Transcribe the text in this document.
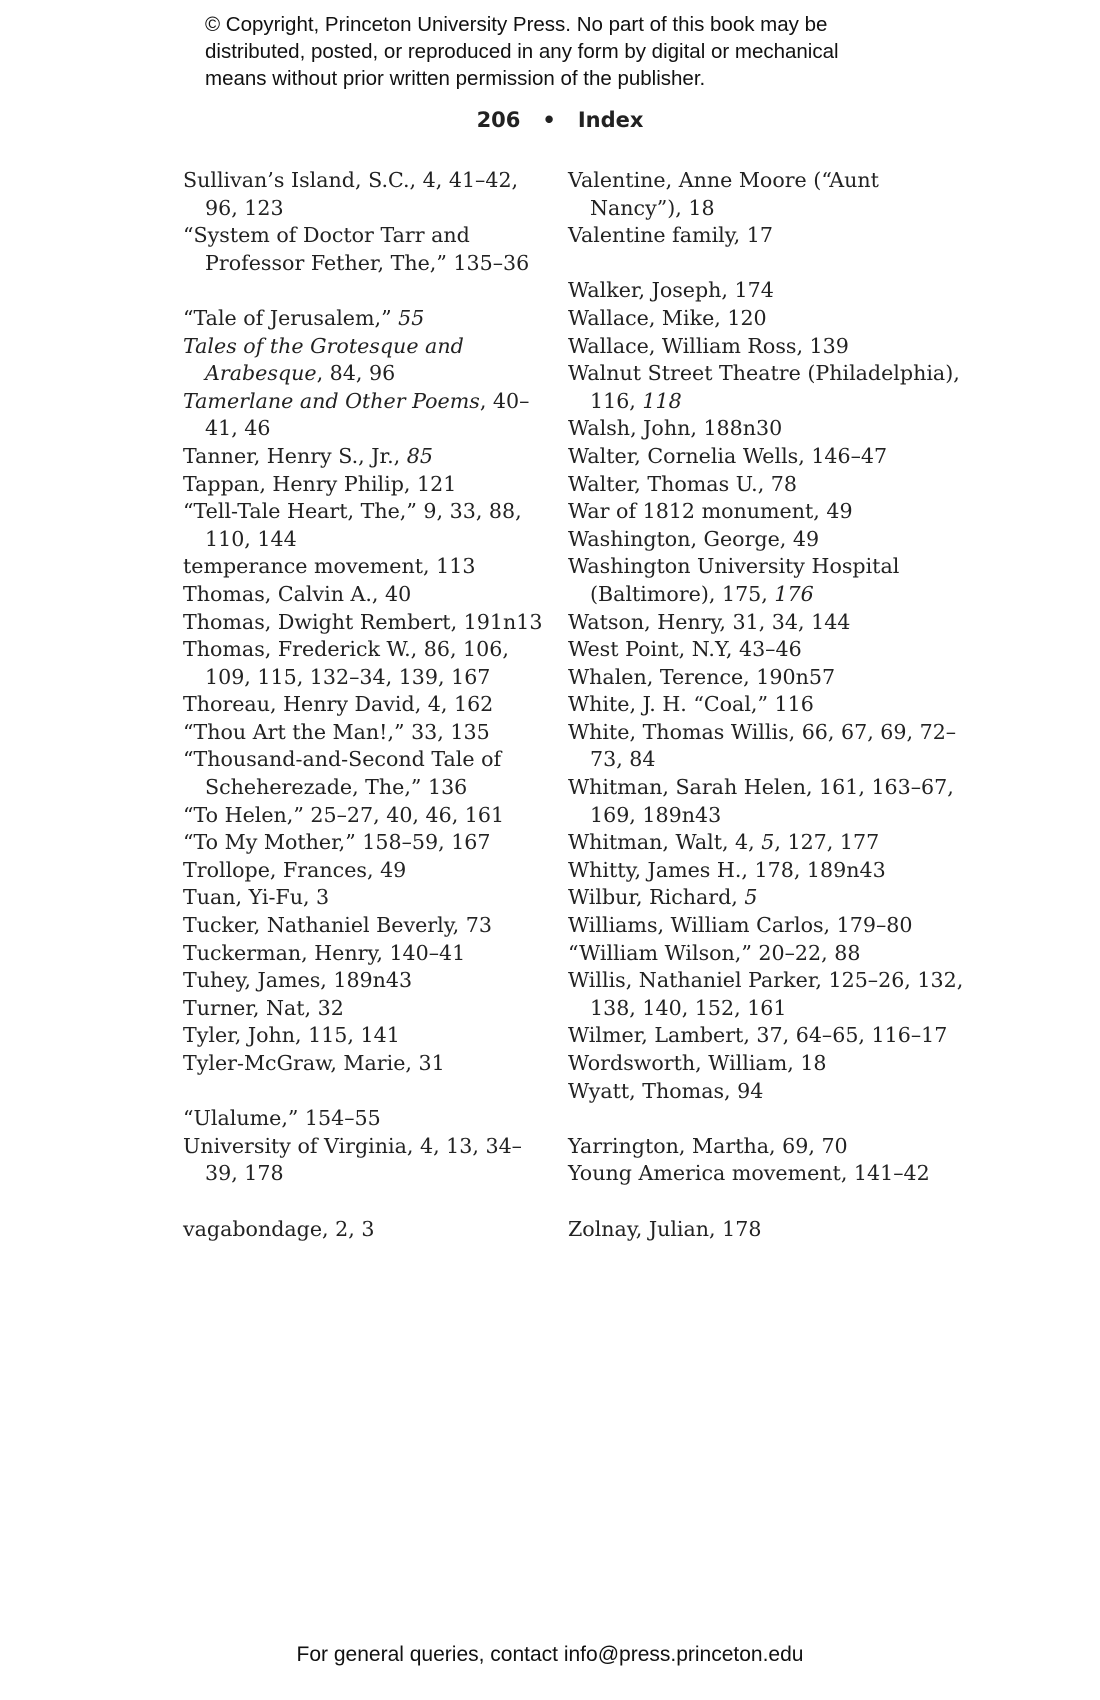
© Copyright, Princeton University Press. No part of this book may be
distributed, posted, or reproduced in any form by digital or mechanical
means without prior written permission of the publisher.
206 • Index
Sullivan’s Island, S.C., 4, 41–42, 96, 123
“System of Doctor Tarr and Professor Fether, The,” 135–36
“Tale of Jerusalem,” 55
Tales of the Grotesque and Arabesque, 84, 96
Tamerlane and Other Poems, 40–41, 46
Tanner, Henry S., Jr., 85
Tappan, Henry Philip, 121
“Tell-Tale Heart, The,” 9, 33, 88, 110, 144
temperance movement, 113
Thomas, Calvin A., 40
Thomas, Dwight Rembert, 191n13
Thomas, Frederick W., 86, 106, 109, 115, 132–34, 139, 167
Thoreau, Henry David, 4, 162
“Thou Art the Man!,” 33, 135
“Thousand-and-Second Tale of Scheherezade, The,” 136
“To Helen,” 25–27, 40, 46, 161
“To My Mother,” 158–59, 167
Trollope, Frances, 49
Tuan, Yi-Fu, 3
Tucker, Nathaniel Beverly, 73
Tuckerman, Henry, 140–41
Tuhey, James, 189n43
Turner, Nat, 32
Tyler, John, 115, 141
Tyler-McGraw, Marie, 31
“Ulalume,” 154–55
University of Virginia, 4, 13, 34–39, 178
vagabondage, 2, 3
Valentine, Anne Moore (“Aunt Nancy”), 18
Valentine family, 17
Walker, Joseph, 174
Wallace, Mike, 120
Wallace, William Ross, 139
Walnut Street Theatre (Philadelphia), 116, 118
Walsh, John, 188n30
Walter, Cornelia Wells, 146–47
Walter, Thomas U., 78
War of 1812 monument, 49
Washington, George, 49
Washington University Hospital (Baltimore), 175, 176
Watson, Henry, 31, 34, 144
West Point, N.Y, 43–46
Whalen, Terence, 190n57
White, J. H. “Coal,” 116
White, Thomas Willis, 66, 67, 69, 72–73, 84
Whitman, Sarah Helen, 161, 163–67, 169, 189n43
Whitman, Walt, 4, 5, 127, 177
Whitty, James H., 178, 189n43
Wilbur, Richard, 5
Williams, William Carlos, 179–80
“William Wilson,” 20–22, 88
Willis, Nathaniel Parker, 125–26, 132, 138, 140, 152, 161
Wilmer, Lambert, 37, 64–65, 116–17
Wordsworth, William, 18
Wyatt, Thomas, 94
Yarrington, Martha, 69, 70
Young America movement, 141–42
Zolnay, Julian, 178
For general queries, contact info@press.princeton.edu
